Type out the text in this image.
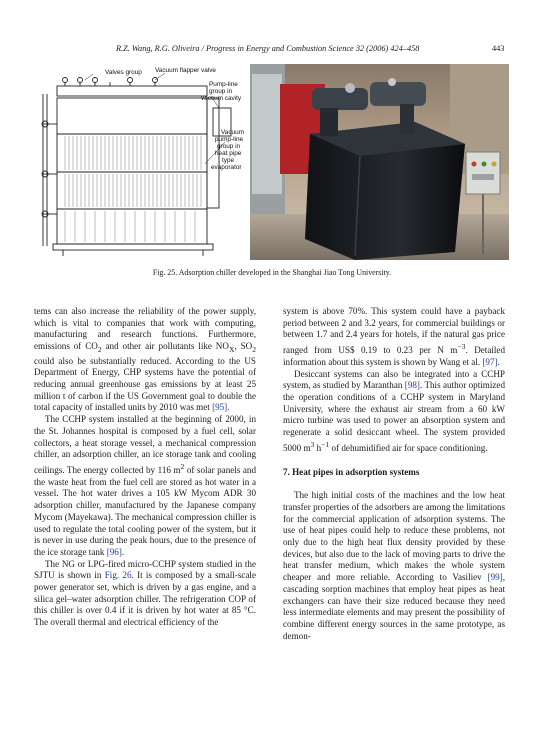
R.Z. Wang, R.G. Oliveira / Progress in Energy and Combustion Science 32 (2006) 424–458	443
Valves group Vacuum flapper valve
Pump-line
group in
vaccum cavity
Vacuum
pump-line
group in
heat pipe
type
evaporator
Fig. 25. Adsorption chiller developed in the Shanghai Jiao Tong University.

tems can also increase the reliability of the power supply, which is vital to companies that work with computing, manufacturing and research functions. Furthermore, emissions of $CO_2$ and other air pollutants like $NO_X$, $SO_2$ could also be substantially reduced. According to the US Department of Energy, CHP systems have the potential of reducing annual greenhouse gas emissions by at least 25 million t of carbon if the US Government goal to double the total capacity of installed units by 2010 was met [95].

The CCHP system installed at the beginning of 2000, in the St. Johannes hospital is composed by a fuel cell, solar collectors, a heat storage vessel, a mechanical compression chiller, an adsorption chiller, an ice storage tank and cooling ceilings. The energy collected by 116 $m^2$ of solar panels and the waste heat from the fuel cell are stored as hot water in a vessel. The hot water drives a 105 kW Mycom ADR 30 adsorption chiller, manufactured by the Japanese company Mycom (Mayekawa). The mechanical compression chiller is used to regulate the total cooling power of the system, but it is never in use during the peak hours, due to the presence of the ice storage tank [96].

The NG or LPG-fired micro-CCHP system studied in the SJTU is shown in Fig. 26. It is composed by a small-scale power generator set, which is driven by a gas engine, and a silica gel–water adsorption chiller. The refrigeration COP of this chiller is over 0.4 if it is driven by hot water at 85 °C. The overall thermal and electrical efficiency of the

system is above 70%. This system could have a payback period between 2 and 3.2 years, for commercial buildings or between 1.7 and 2.4 years for hotels, if the natural gas price ranged from US$ 0.19 to 0.23 per N $m^{-3}$. Detailed information about this system is shown by Wang et al. [97].

Desiccant systems can also be integrated into a CCHP system, as studied by Maranthan [98]. This author optimized the operation conditions of a CCHP system in Maryland University, where the exhaust air stream from a 60 kW micro turbine was used to power an absorption system and regenerate a solid desiccant wheel. The system provided 5000 $m^3$ $h^{-1}$ of dehumidified air for space conditioning.

7. Heat pipes in adsorption systems

The high initial costs of the machines and the low heat transfer properties of the adsorbers are among the limitations for the commercial application of adsorption systems. The use of heat pipes could help to reduce these problems, not only due to the high heat flux density provided by these devices, but also due to the lack of moving parts to drive the heat transfer medium, which makes the whole system cheaper and more reliable. According to Vasiliev [99], cascading sorption machines that employ heat pipes as heat exchangers can have their size reduced because they need less intermediate elements and may present the possibility of combine different energy sources in the same prototype, as demon-
